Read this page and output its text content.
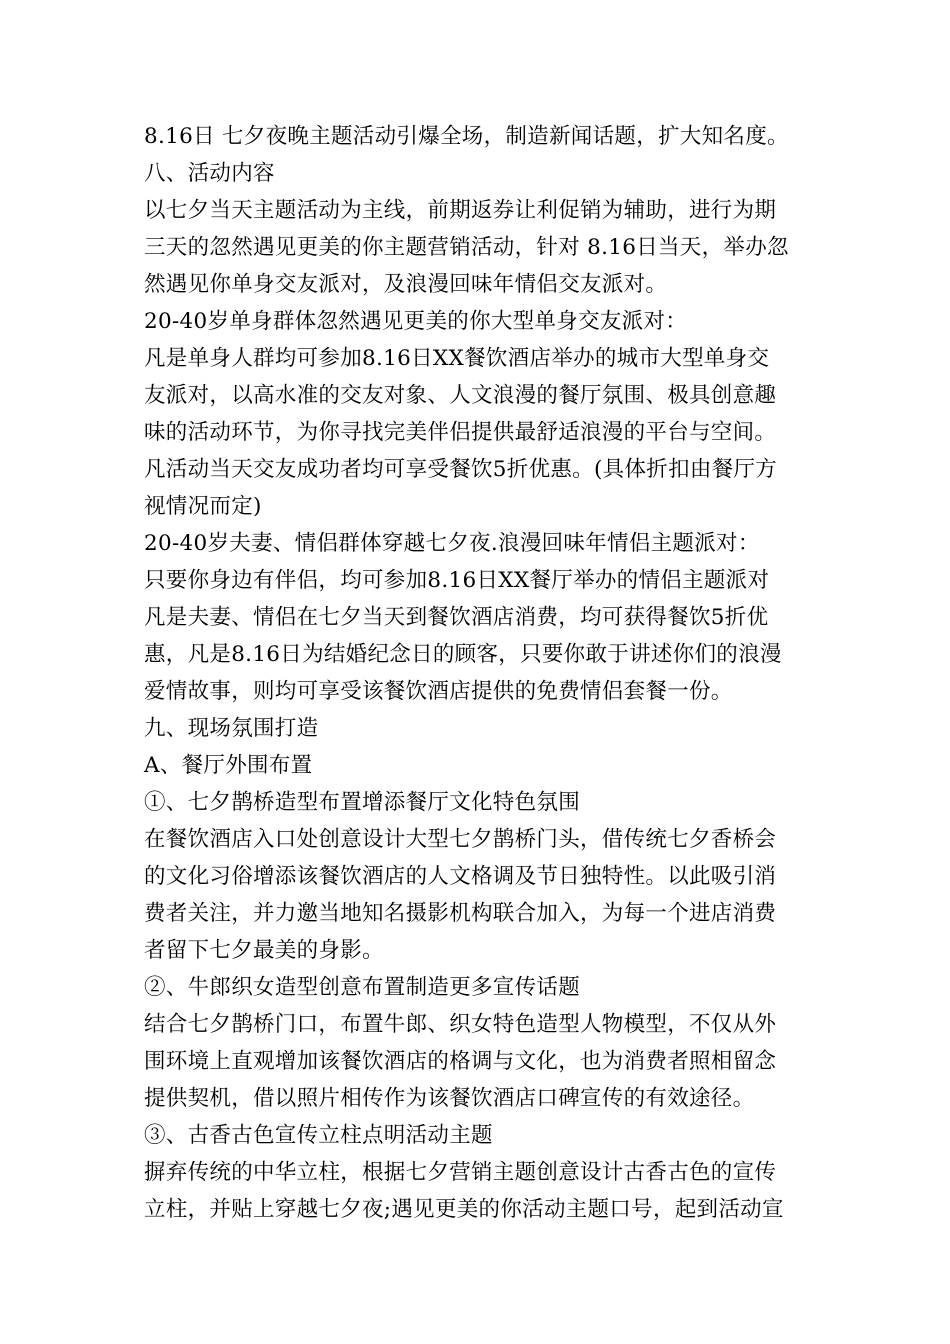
8.16日 七夕夜晚主题活动引爆全场，制造新闻话题，扩大知名度。
八、活动内容
以七夕当天主题活动为主线，前期返券让利促销为辅助，进行为期
三天的忽然遇见更美的你主题营销活动，针对 8.16日当天，举办忽
然遇见你单身交友派对，及浪漫回味年情侣交友派对。
20-40岁单身群体忽然遇见更美的你大型单身交友派对：
凡是单身人群均可参加8.16日XX餐饮酒店举办的城市大型单身交
友派对，以高水准的交友对象、人文浪漫的餐厅氛围、极具创意趣
味的活动环节，为你寻找完美伴侣提供最舒适浪漫的平台与空间。
凡活动当天交友成功者均可享受餐饮5折优惠。(具体折扣由餐厅方
视情况而定)
20-40岁夫妻、情侣群体穿越七夕夜.浪漫回味年情侣主题派对：
只要你身边有伴侣，均可参加8.16日XX餐厅举办的情侣主题派对
凡是夫妻、情侣在七夕当天到餐饮酒店消费，均可获得餐饮5折优
惠，凡是8.16日为结婚纪念日的顾客，只要你敢于讲述你们的浪漫
爱情故事，则均可享受该餐饮酒店提供的免费情侣套餐一份。
九、现场氛围打造
A、餐厅外围布置
①、七夕鹊桥造型布置增添餐厅文化特色氛围
在餐饮酒店入口处创意设计大型七夕鹊桥门头，借传统七夕香桥会
的文化习俗增添该餐饮酒店的人文格调及节日独特性。以此吸引消
费者关注，并力邀当地知名摄影机构联合加入，为每一个进店消费
者留下七夕最美的身影。
②、牛郎织女造型创意布置制造更多宣传话题
结合七夕鹊桥门口，布置牛郎、织女特色造型人物模型，不仅从外
围环境上直观增加该餐饮酒店的格调与文化，也为消费者照相留念
提供契机，借以照片相传作为该餐饮酒店口碑宣传的有效途径。
③、古香古色宣传立柱点明活动主题
摒弃传统的中华立柱，根据七夕营销主题创意设计古香古色的宣传
立柱，并贴上穿越七夕夜;遇见更美的你活动主题口号，起到活动宣
